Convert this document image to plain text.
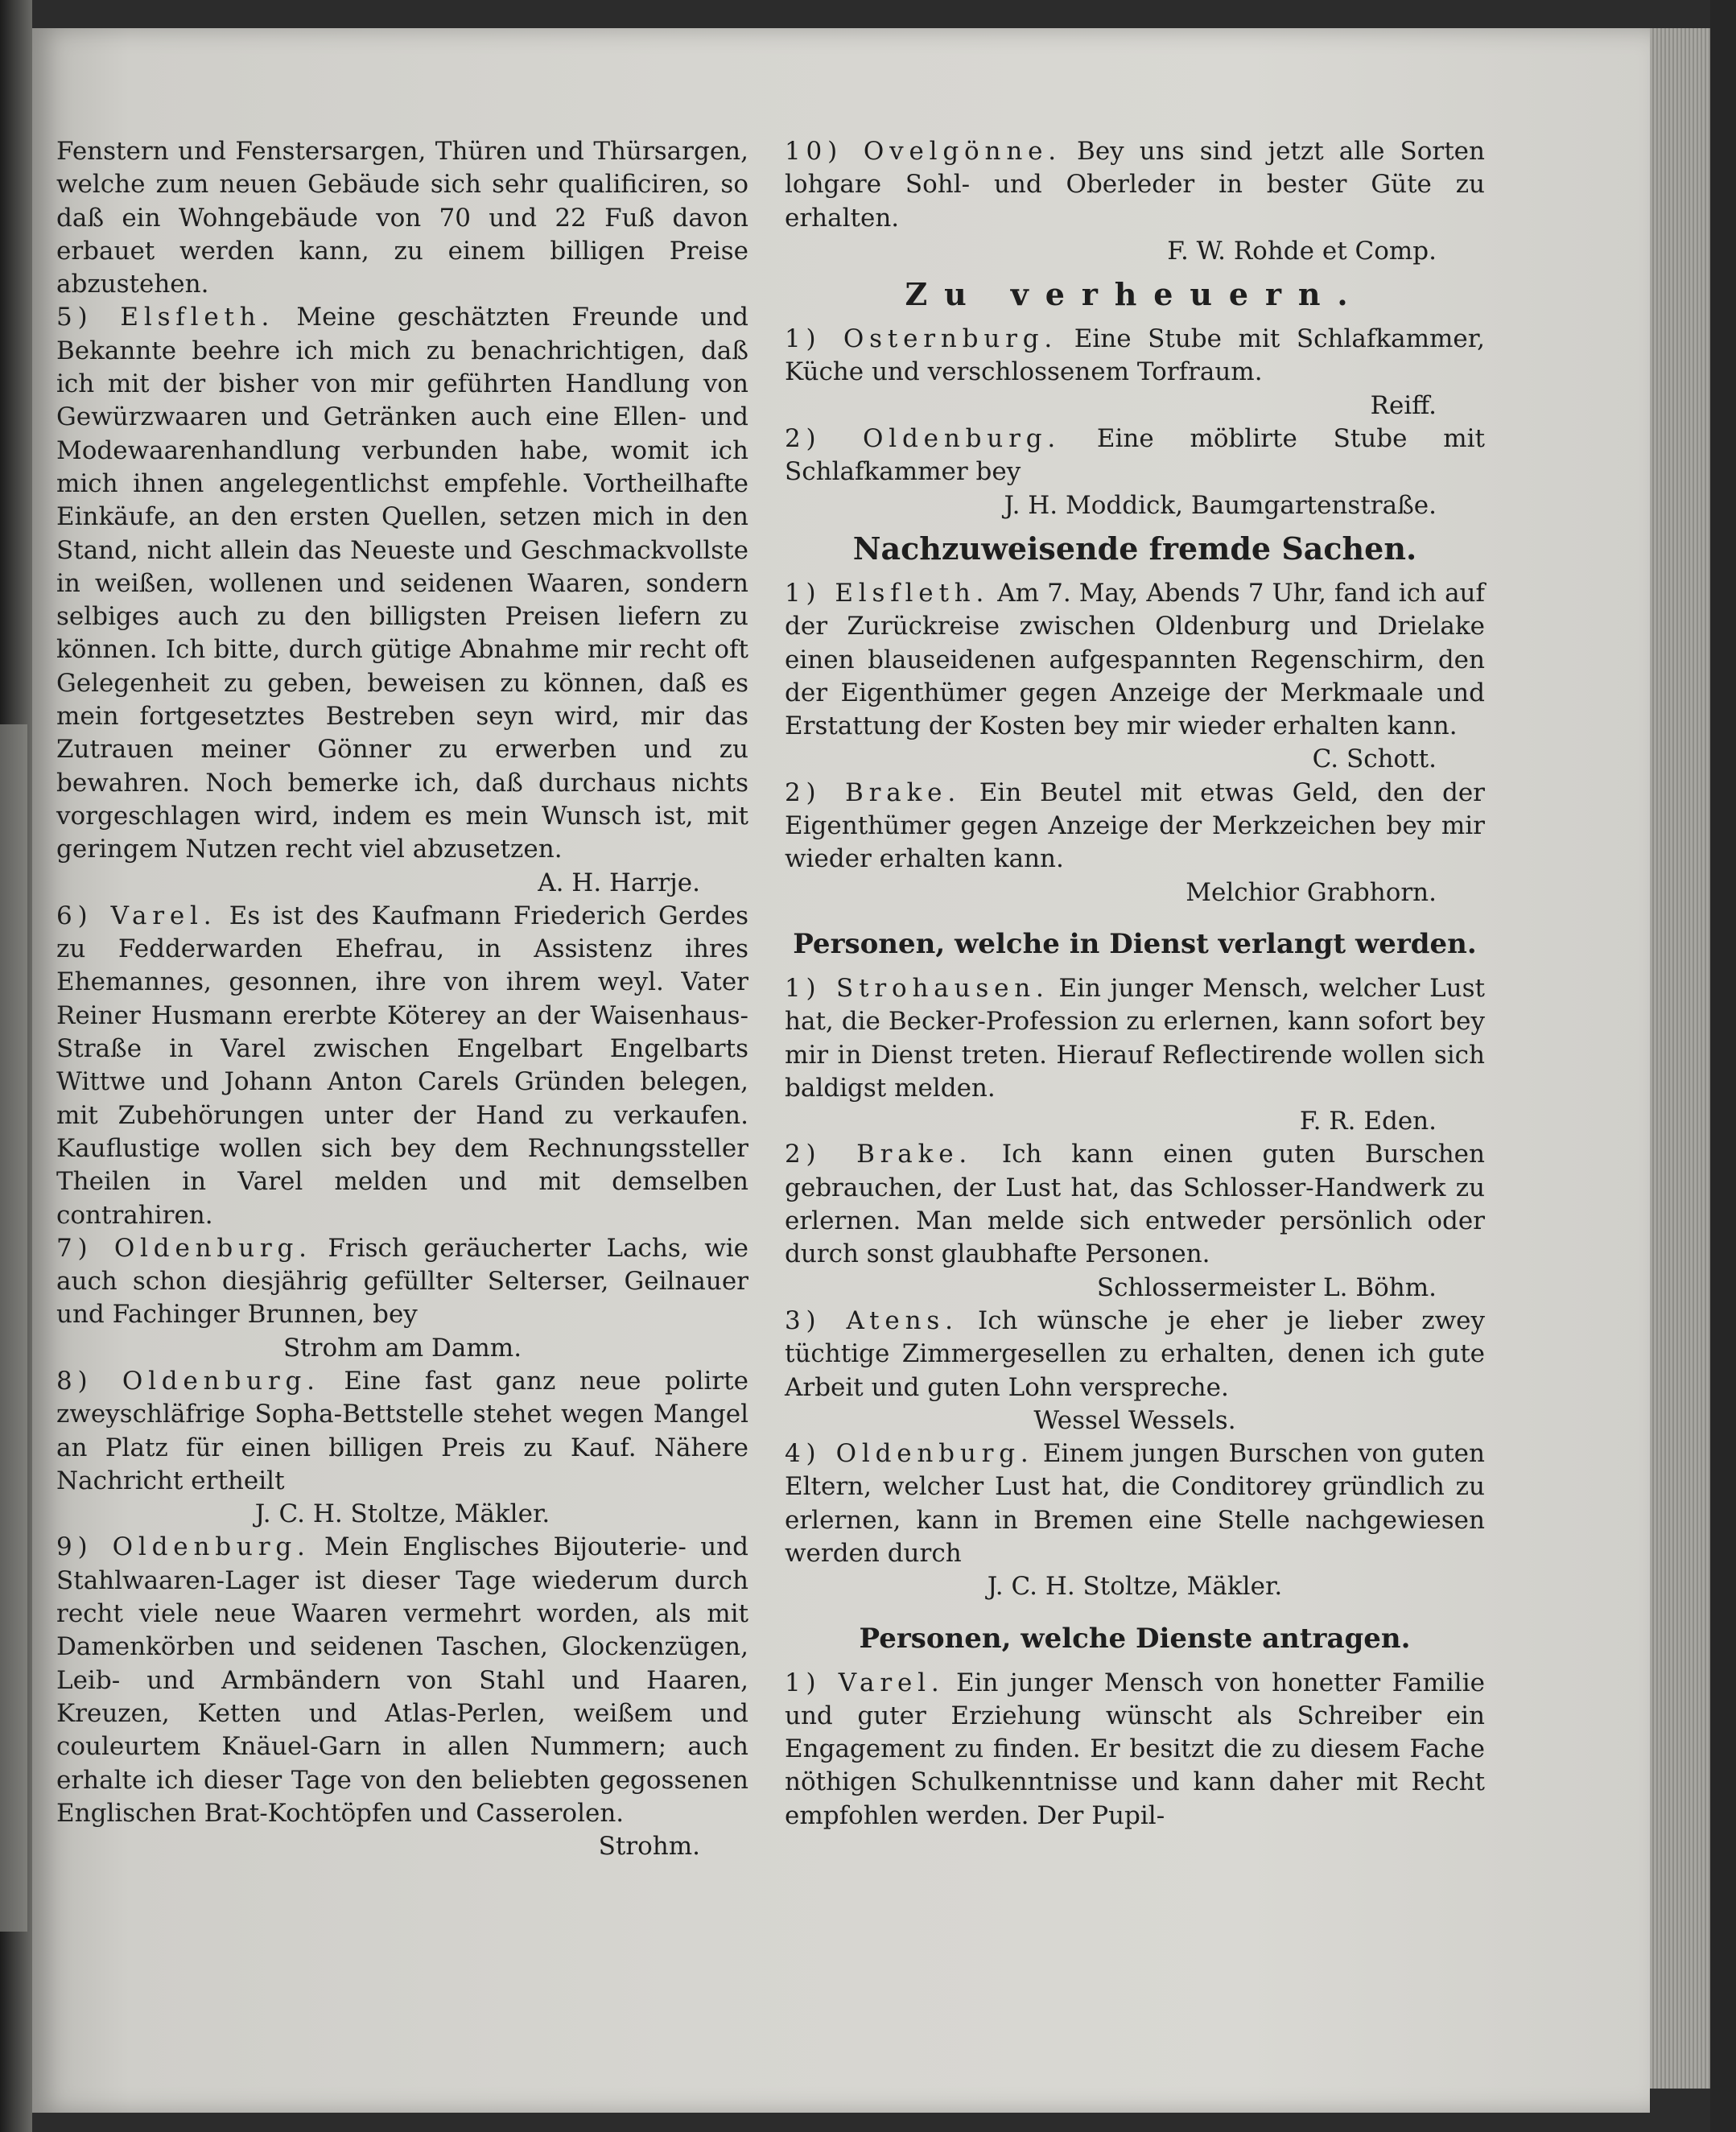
Fenstern und Fenstersargen, Thüren und Thürsargen, welche zum neuen Gebäude sich sehr qualificiren, so daß ein Wohngebäude von 70 und 22 Fuß davon erbauet werden kann, zu einem billigen Preise abzustehen.

5) Elsfleth. Meine geschätzten Freunde und Bekannte beehre ich mich zu benachrichtigen, daß ich mit der bisher von mir geführten Handlung von Gewürzwaaren und Getränken auch eine Ellen- und Modewaarenhandlung verbunden habe, womit ich mich ihnen angelegentlichst empfehle. Vortheilhafte Einkäufe, an den ersten Quellen, setzen mich in den Stand, nicht allein das Neueste und Geschmackvollste in weißen, wollenen und seidenen Waaren, sondern selbiges auch zu den billigsten Preisen liefern zu können. Ich bitte, durch gütige Abnahme mir recht oft Gelegenheit zu geben, beweisen zu können, daß es mein fortgesetztes Bestreben seyn wird, mir das Zutrauen meiner Gönner zu erwerben und zu bewahren. Noch bemerke ich, daß durchaus nichts vorgeschlagen wird, indem es mein Wunsch ist, mit geringem Nutzen recht viel abzusetzen.

A. H. Harrje.

6) Varel. Es ist des Kaufmann Friederich Gerdes zu Fedderwarden Ehefrau, in Assistenz ihres Ehemannes, gesonnen, ihre von ihrem weyl. Vater Reiner Husmann ererbte Köterey an der Waisenhaus-Straße in Varel zwischen Engelbart Engelbarts Wittwe und Johann Anton Carels Gründen belegen, mit Zubehörungen unter der Hand zu verkaufen. Kauflustige wollen sich bey dem Rechnungssteller Theilen in Varel melden und mit demselben contrahiren.

7) Oldenburg. Frisch geräucherter Lachs, wie auch schon diesjährig gefüllter Selterser, Geilnauer und Fachinger Brunnen, bey

Strohm am Damm.

8) Oldenburg. Eine fast ganz neue polirte zweyschläfrige Sopha-Bettstelle stehet wegen Mangel an Platz für einen billigen Preis zu Kauf. Nähere Nachricht ertheilt

J. C. H. Stoltze, Mäkler.

9) Oldenburg. Mein Englisches Bijouterie- und Stahlwaaren-Lager ist dieser Tage wiederum durch recht viele neue Waaren vermehrt worden, als mit Damenkörben und seidenen Taschen, Glockenzügen, Leib- und Armbändern von Stahl und Haaren, Kreuzen, Ketten und Atlas-Perlen, weißem und couleurtem Knäuel-Garn in allen Nummern; auch erhalte ich dieser Tage von den beliebten gegossenen Englischen Brat-Kochtöpfen und Casserolen.

Strohm.

10) Ovelgönne. Bey uns sind jetzt alle Sorten lohgare Sohl- und Oberleder in bester Güte zu erhalten.

F. W. Rohde et Comp.

Zu verheuern.

1) Osternburg. Eine Stube mit Schlafkammer, Küche und verschlossenem Torfraum.

Reiff.

2) Oldenburg. Eine möblirte Stube mit Schlafkammer bey

J. H. Moddick, Baumgartenstraße.

Nachzuweisende fremde Sachen.

1) Elsfleth. Am 7. May, Abends 7 Uhr, fand ich auf der Zurückreise zwischen Oldenburg und Drielake einen blauseidenen aufgespannten Regenschirm, den der Eigenthümer gegen Anzeige der Merkmaale und Erstattung der Kosten bey mir wieder erhalten kann.

C. Schott.

2) Brake. Ein Beutel mit etwas Geld, den der Eigenthümer gegen Anzeige der Merkzeichen bey mir wieder erhalten kann.

Melchior Grabhorn.

Personen, welche in Dienst verlangt werden.

1) Strohausen. Ein junger Mensch, welcher Lust hat, die Becker-Profession zu erlernen, kann sofort bey mir in Dienst treten. Hierauf Reflectirende wollen sich baldigst melden.

F. R. Eden.

2) Brake. Ich kann einen guten Burschen gebrauchen, der Lust hat, das Schlosser-Handwerk zu erlernen. Man melde sich entweder persönlich oder durch sonst glaubhafte Personen.

Schlossermeister L. Böhm.

3) Atens. Ich wünsche je eher je lieber zwey tüchtige Zimmergesellen zu erhalten, denen ich gute Arbeit und guten Lohn verspreche.

Wessel Wessels.

4) Oldenburg. Einem jungen Burschen von guten Eltern, welcher Lust hat, die Conditorey gründlich zu erlernen, kann in Bremen eine Stelle nachgewiesen werden durch

J. C. H. Stoltze, Mäkler.

Personen, welche Dienste antragen.

1) Varel. Ein junger Mensch von honetter Familie und guter Erziehung wünscht als Schreiber ein Engagement zu finden. Er besitzt die zu diesem Fache nöthigen Schulkenntnisse und kann daher mit Recht empfohlen werden. Der Pupil-
